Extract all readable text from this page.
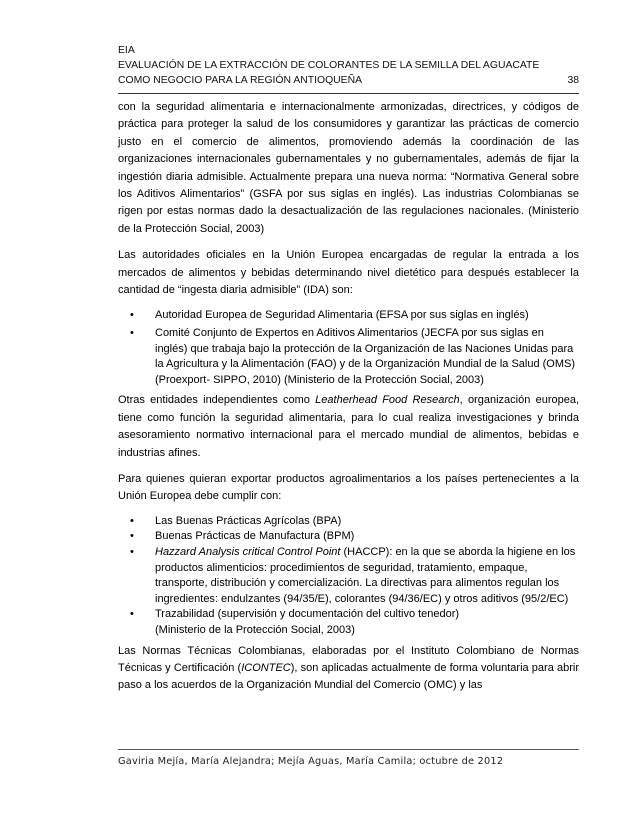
EIA
EVALUACIÓN DE LA EXTRACCIÓN DE COLORANTES DE LA SEMILLA DEL AGUACATE
COMO NEGOCIO PARA LA REGIÓN ANTIOQUEÑA	38

con la seguridad alimentaria e internacionalmente armonizadas, directrices, y códigos de práctica para proteger la salud de los consumidores y garantizar las prácticas de comercio justo en el comercio de alimentos, promoviendo además la coordinación de las organizaciones internacionales gubernamentales y no gubernamentales, además de fijar la ingestión diaria admisible. Actualmente prepara una nueva norma: “Normativa General sobre los Aditivos Alimentarios” (GSFA por sus siglas en inglés). Las industrias Colombianas se rigen por estas normas dado la desactualización de las regulaciones nacionales. (Ministerio de la Protección Social, 2003)

Las autoridades oficiales en la Unión Europea encargadas de regular la entrada a los mercados de alimentos y bebidas determinando nivel dietético para después establecer la cantidad de “ingesta diaria admisible” (IDA) son:

• Autoridad Europea de Seguridad Alimentaria (EFSA por sus siglas en inglés)
• Comité Conjunto de Expertos en Aditivos Alimentarios (JECFA por sus siglas en inglés) que trabaja bajo la protección de la Organización de las Naciones Unidas para la Agricultura y la Alimentación (FAO) y de la Organización Mundial de la Salud (OMS) (Proexport- SIPPO, 2010) (Ministerio de la Protección Social, 2003)

Otras entidades independientes como Leatherhead Food Research, organización europea, tiene como función la seguridad alimentaria, para lo cual realiza investigaciones y brinda asesoramiento normativo internacional para el mercado mundial de alimentos, bebidas e industrias afines.

Para quienes quieran exportar productos agroalimentarios a los países pertenecientes a la Unión Europea debe cumplir con:

• Las Buenas Prácticas Agrícolas (BPA)
• Buenas Prácticas de Manufactura (BPM)
• Hazzard Analysis critical Control Point (HACCP): en la que se aborda la higiene en los productos alimenticios: procedimientos de seguridad, tratamiento, empaque, transporte, distribución y comercialización. La directivas para alimentos regulan los ingredientes: endulzantes (94/35/E), colorantes (94/36/EC) y otros aditivos (95/2/EC)
• Trazabilidad (supervisión y documentación del cultivo tenedor)
(Ministerio de la Protección Social, 2003)

Las Normas Técnicas Colombianas, elaboradas por el Instituto Colombiano de Normas Técnicas y Certificación (ICONTEC), son aplicadas actualmente de forma voluntaria para abrir paso a los acuerdos de la Organización Mundial del Comercio (OMC) y las

Gaviria Mejía, María Alejandra; Mejía Aguas, María Camila; octubre de 2012
